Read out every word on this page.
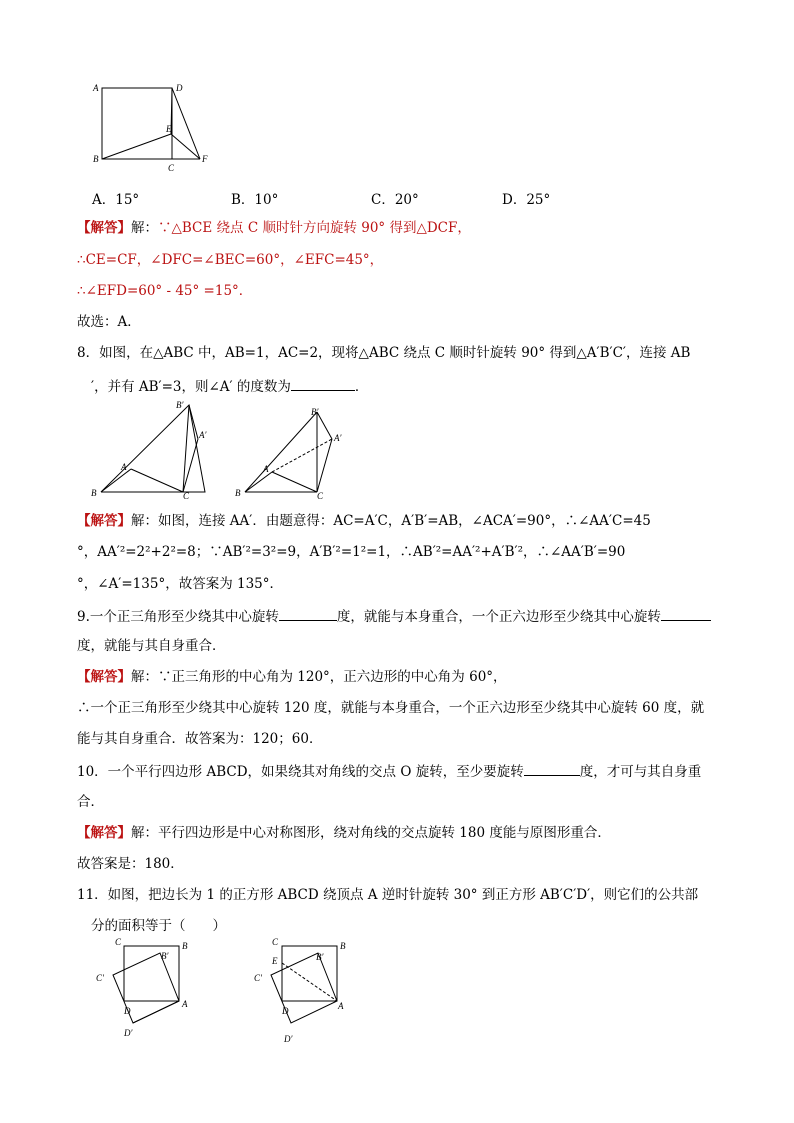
A	D
E
B
C
F
A．15°	B．10°	C．20°	D．25°
【解答】解：∵△BCE 绕点 C 顺时针方向旋转 90° 得到△DCF，
∴CE=CF，∠DFC=∠BEC=60°，∠EFC=45°，
∴∠EFD=60° - 45° =15°．
故选：A．
8．如图，在△ABC 中，AB=1，AC=2，现将△ABC 绕点 C 顺时针旋转 90° 得到△A′B′C′，连接 AB
′，并有 AB′=3，则∠A′ 的度数为	．
B′
A′
A
B	C
B′
A′
A
B	C
【解答】解：如图，连接 AA′．由题意得：AC=A′C，A′B′=AB，∠ACA′=90°，∴∠AA′C=45
°，AA′²=2²+2²=8；∵AB′²=3²=9，A′B′²=1²=1，∴AB′²=AA′²+A′B′²，∴∠AA′B′=90
°，∠A′=135°，故答案为 135°．
9.一个正三角形至少绕其中心旋转	度，就能与本身重合，一个正六边形至少绕其中心旋转
度，就能与其自身重合．
【解答】解：∵正三角形的中心角为 120°，正六边形的中心角为 60°，
∴一个正三角形至少绕其中心旋转 120 度，就能与本身重合，一个正六边形至少绕其中心旋转 60 度，就
能与其自身重合．故答案为：120；60．
10．一个平行四边形 ABCD，如果绕其对角线的交点 O 旋转，至少要旋转	度，才可与其自身重
合．
【解答】解：平行四边形是中心对称图形，绕对角线的交点旋转 180 度能与原图形重合．
故答案是：180．
11．如图，把边长为 1 的正方形 ABCD 绕顶点 A 逆时针旋转 30° 到正方形 AB′C′D′，则它们的公共部
分的面积等于（　　）
C	B
B′
C′
D
A
D′
C	B
B′
E
C′
D	A
D′
